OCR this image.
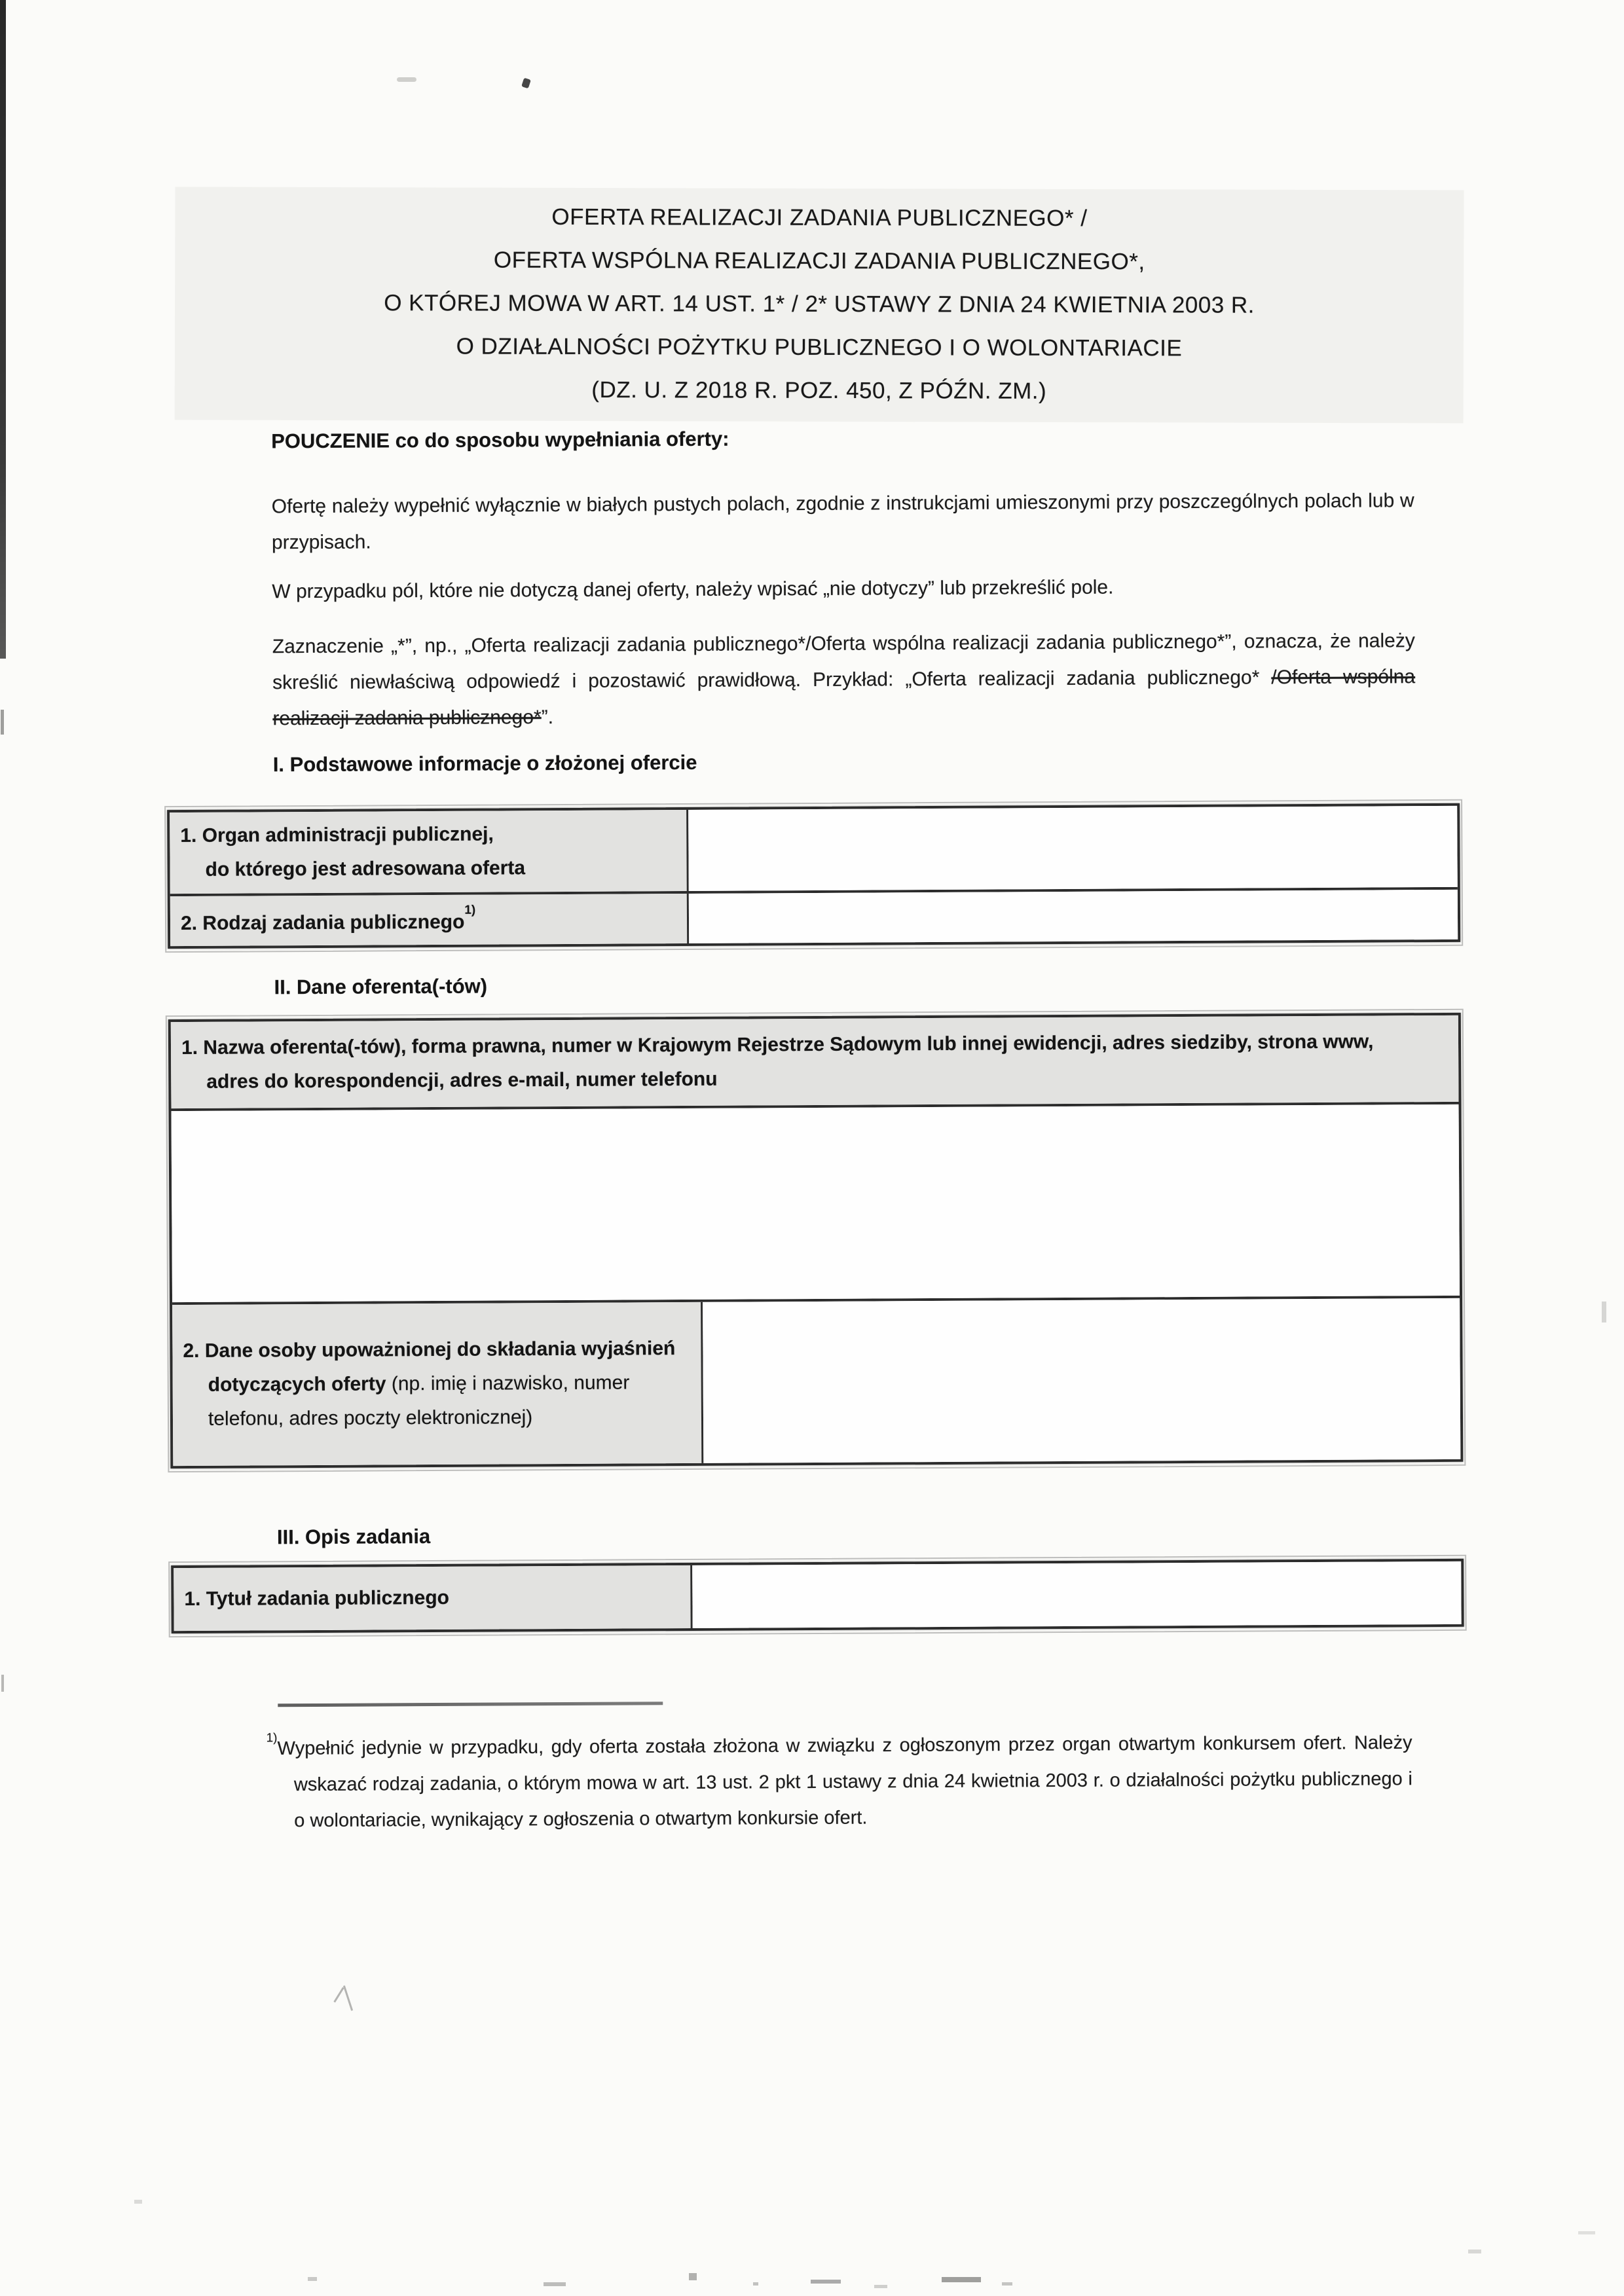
OFERTA REALIZACJI ZADANIA PUBLICZNEGO* /
OFERTA WSPÓLNA REALIZACJI ZADANIA PUBLICZNEGO*,
O KTÓREJ MOWA W ART. 14 UST. 1* / 2* USTAWY Z DNIA 24 KWIETNIA 2003 R.
O DZIAŁALNOŚCI POŻYTKU PUBLICZNEGO I O WOLONTARIACIE
(DZ. U. Z 2018 R. POZ. 450, Z PÓŹN. ZM.)
POUCZENIE co do sposobu wypełniania oferty:

Ofertę należy wypełnić wyłącznie w białych pustych polach, zgodnie z instrukcjami umieszonymi przy poszczególnych polach lub w przypisach.

W przypadku pól, które nie dotyczą danej oferty, należy wpisać „nie dotyczy” lub przekreślić pole.

Zaznaczenie „*”, np., „Oferta realizacji zadania publicznego*/Oferta wspólna realizacji zadania publicznego*”, oznacza, że należy skreślić niewłaściwą odpowiedź i pozostawić prawidłową. Przykład: „Oferta realizacji zadania publicznego* /Oferta wspólna realizacji zadania publicznego*”.

I. Podstawowe informacje o złożonej ofercie
1. Organ administracji publicznej,
do którego jest adresowana oferta
2. Rodzaj zadania publicznego$^{1)}$
II. Dane oferenta(-tów)
1. Nazwa oferenta(-tów), forma prawna, numer w Krajowym Rejestrze Sądowym lub innej ewidencji, adres siedziby, strona www,
adres do korespondencji, adres e-mail, numer telefonu
2. Dane osoby upoważnionej do składania wyjaśnień
dotyczących oferty (np. imię i nazwisko, numer
telefonu, adres poczty elektronicznej)
III. Opis zadania
1. Tytuł zadania publicznego

$^{1)}$Wypełnić jedynie w przypadku, gdy oferta została złożona w związku z ogłoszonym przez organ otwartym konkursem ofert. Należy wskazać rodzaj zadania, o którym mowa w art. 13 ust. 2 pkt 1 ustawy z dnia 24 kwietnia 2003 r. o działalności pożytku publicznego i o wolontariacie, wynikający z ogłoszenia o otwartym konkursie ofert.
